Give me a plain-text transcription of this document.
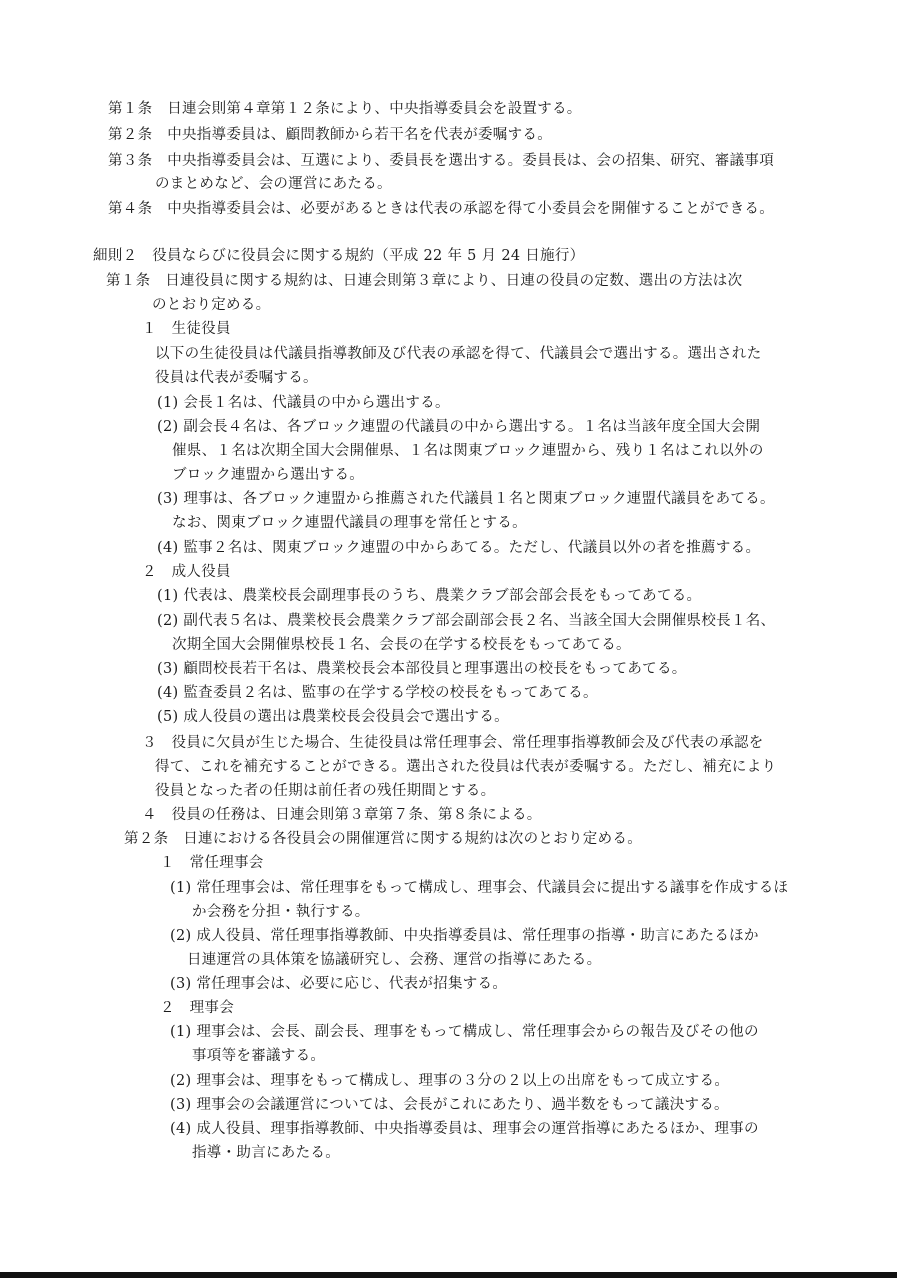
第１条　日連会則第４章第１２条により、中央指導委員会を設置する。
第２条　中央指導委員は、顧問教師から若干名を代表が委嘱する。
第３条　中央指導委員会は、互選により、委員長を選出する。委員長は、会の招集、研究、審議事項
のまとめなど、会の運営にあたる。
第４条　中央指導委員会は、必要があるときは代表の承認を得て小委員会を開催することができる。
細則２　役員ならびに役員会に関する規約（平成 22 年 5 月 24 日施行）
第１条　日連役員に関する規約は、日連会則第３章により、日連の役員の定数、選出の方法は次
のとおり定める。
１　生徒役員
以下の生徒役員は代議員指導教師及び代表の承認を得て、代議員会で選出する。選出された
役員は代表が委嘱する。
(1) 会長１名は、代議員の中から選出する。
(2) 副会長４名は、各ブロック連盟の代議員の中から選出する。１名は当該年度全国大会開
催県、１名は次期全国大会開催県、１名は関東ブロック連盟から、残り１名はこれ以外の
ブロック連盟から選出する。
(3) 理事は、各ブロック連盟から推薦された代議員１名と関東ブロック連盟代議員をあてる。
なお、関東ブロック連盟代議員の理事を常任とする。
(4) 監事２名は、関東ブロック連盟の中からあてる。ただし、代議員以外の者を推薦する。
２　成人役員
(1) 代表は、農業校長会副理事長のうち、農業クラブ部会部会長をもってあてる。
(2) 副代表５名は、農業校長会農業クラブ部会副部会長２名、当該全国大会開催県校長１名、
次期全国大会開催県校長１名、会長の在学する校長をもってあてる。
(3) 顧問校長若干名は、農業校長会本部役員と理事選出の校長をもってあてる。
(4) 監査委員２名は、監事の在学する学校の校長をもってあてる。
(5) 成人役員の選出は農業校長会役員会で選出する。
３　役員に欠員が生じた場合、生徒役員は常任理事会、常任理事指導教師会及び代表の承認を
得て、これを補充することができる。選出された役員は代表が委嘱する。ただし、補充により
役員となった者の任期は前任者の残任期間とする。
４　役員の任務は、日連会則第３章第７条、第８条による。
第２条　日連における各役員会の開催運営に関する規約は次のとおり定める。
１　常任理事会
(1) 常任理事会は、常任理事をもって構成し、理事会、代議員会に提出する議事を作成するほ
か会務を分担・執行する。
(2) 成人役員、常任理事指導教師、中央指導委員は、常任理事の指導・助言にあたるほか
日連運営の具体策を協議研究し、会務、運営の指導にあたる。
(3) 常任理事会は、必要に応じ、代表が招集する。
２　理事会
(1) 理事会は、会長、副会長、理事をもって構成し、常任理事会からの報告及びその他の
事項等を審議する。
(2) 理事会は、理事をもって構成し、理事の３分の２以上の出席をもって成立する。
(3) 理事会の会議運営については、会長がこれにあたり、過半数をもって議決する。
(4) 成人役員、理事指導教師、中央指導委員は、理事会の運営指導にあたるほか、理事の
指導・助言にあたる。
